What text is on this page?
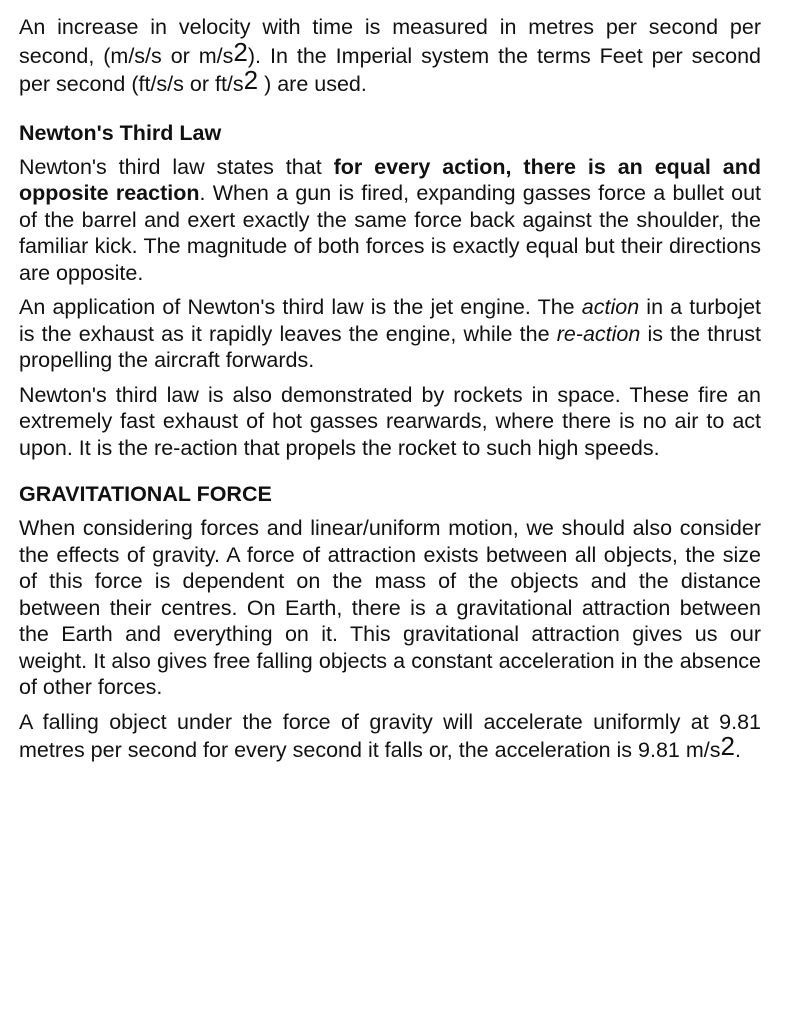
An increase in velocity with time is measured in metres per second per second, (m/s/s or m/s2). In the Imperial system the terms Feet per second per second (ft/s/s or ft/s2 ) are used.

Newton's Third Law

Newton's third law states that for every action, there is an equal and opposite reaction. When a gun is fired, expanding gasses force a bullet out of the barrel and exert exactly the same force back against the shoulder, the familiar kick. The magnitude of both forces is exactly equal but their directions are opposite.

An application of Newton's third law is the jet engine. The action in a turbojet is the exhaust as it rapidly leaves the engine, while the re-action is the thrust propelling the aircraft forwards.

Newton's third law is also demonstrated by rockets in space. These fire an extremely fast exhaust of hot gasses rearwards, where there is no air to act upon. It is the re-action that propels the rocket to such high speeds.

GRAVITATIONAL FORCE

When considering forces and linear/uniform motion, we should also consider the effects of gravity. A force of attraction exists between all objects, the size of this force is dependent on the mass of the objects and the distance between their centres. On Earth, there is a gravitational attraction between the Earth and everything on it. This gravitational attraction gives us our weight. It also gives free falling objects a constant acceleration in the absence of other forces.

A falling object under the force of gravity will accelerate uniformly at 9.81 metres per second for every second it falls or, the acceleration is 9.81 m/s2.
